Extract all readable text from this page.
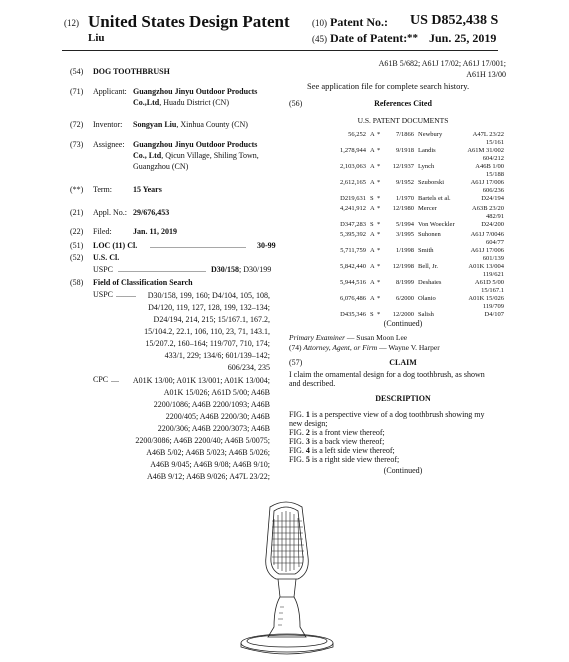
(12) United States Design Patent (10) Patent No.: US D852,438 S
Liu	(45) Date of Patent: ** Jun. 25, 2019
(54) DOG TOOTHBRUSH
(71) Applicant: Guangzhou Jinyu Outdoor Products
Co.,Ltd, Huadu District (CN)
(72) Inventor: Songyan Liu, Xinhua County (CN)
(73) Assignee: Guangzhou Jinyu Outdoor Products
Co., Ltd, Qicun Village, Shiling Town,
Guangzhou (CN)
(**) Term:	15 Years
(21) Appl. No.: 29/676,453
(22) Filed:	Jan. 11, 2019
(51) LOC (11) Cl. ................................................	30-99
(52) U.S. Cl.
USPC ............................................ D30/158; D30/199
(58) Field of Classification Search
USPC .......... D30/158, 199, 160; D4/104, 105, 108,
D4/120, 119, 127, 128, 199, 132–134;
D24/194, 214, 215; 15/167.1, 167.2,
15/104.2, 22.1, 106, 110, 23, 71, 143.1,
15/207.2, 160–164; 119/707, 710, 174;
433/1, 229; 134/6; 601/139–142;
606/234, 235
CPC .... A01K 13/00; A01K 13/001; A01K 13/004;
A01K 15/026; A61D 5/00; A46B
2200/1086; A46B 2200/1093; A46B
2200/405; A46B 2200/30; A46B
2200/306; A46B 2200/3073; A46B
2200/3086; A46B 2200/40; A46B 5/0075;
A46B 5/02; A46B 5/023; A46B 5/026;
A46B 9/045; A46B 9/08; A46B 9/10;
A46B 9/12; A46B 9/026; A47L 23/22;
A61B 5/682; A61J 17/02; A61J 17/001;
A61H 13/00
See application file for complete search history.
(56)	References Cited
U.S. PATENT DOCUMENTS
56,252 A *	7/1866 Newbury	A47L 23/22
15/161
1,278,944 A *	9/1918 Landis	A61M 31/002
604/212
2,103,063 A *	12/1937 Lynch	A46B 1/00
15/188
2,612,165 A *	9/1952 Szuborski	A61J 17/006
606/236
D219,631 S *	1/1970 Bartels et al.	D24/194
4,241,912 A *	12/1980 Mercer	A63B 23/20
482/91
D347,283 S *	5/1994 Von Woeckler	D24/200
5,395,392 A *	3/1995 Suhonen	A61J 7/0046
604/77
5,711,759 A *	1/1998 Smith	A61J 17/006
601/139
5,842,440 A *	12/1998 Bell, Jr.	A01K 13/004
119/621
5,944,516 A *	8/1999 Deshaies	A61D 5/00
15/167.1
6,076,486 A *	6/2000 Olaniо	A01K 15/026
119/709
D435,346 S *	12/2000 Salish	D4/107
(Continued)
Primary Examiner — Susan Moon Lee
(74) Attorney, Agent, or Firm — Wayne V. Harper
(57)	CLAIM
I claim the ornamental design for a dog toothbrush, as shown
and described.
DESCRIPTION
FIG. 1 is a perspective view of a dog toothbrush showing my
new design;
FIG. 2 is a front view thereof;
FIG. 3 is a back view thereof;
FIG. 4 is a left side view thereof;
FIG. 5 is a right side view thereof;
(Continued)
